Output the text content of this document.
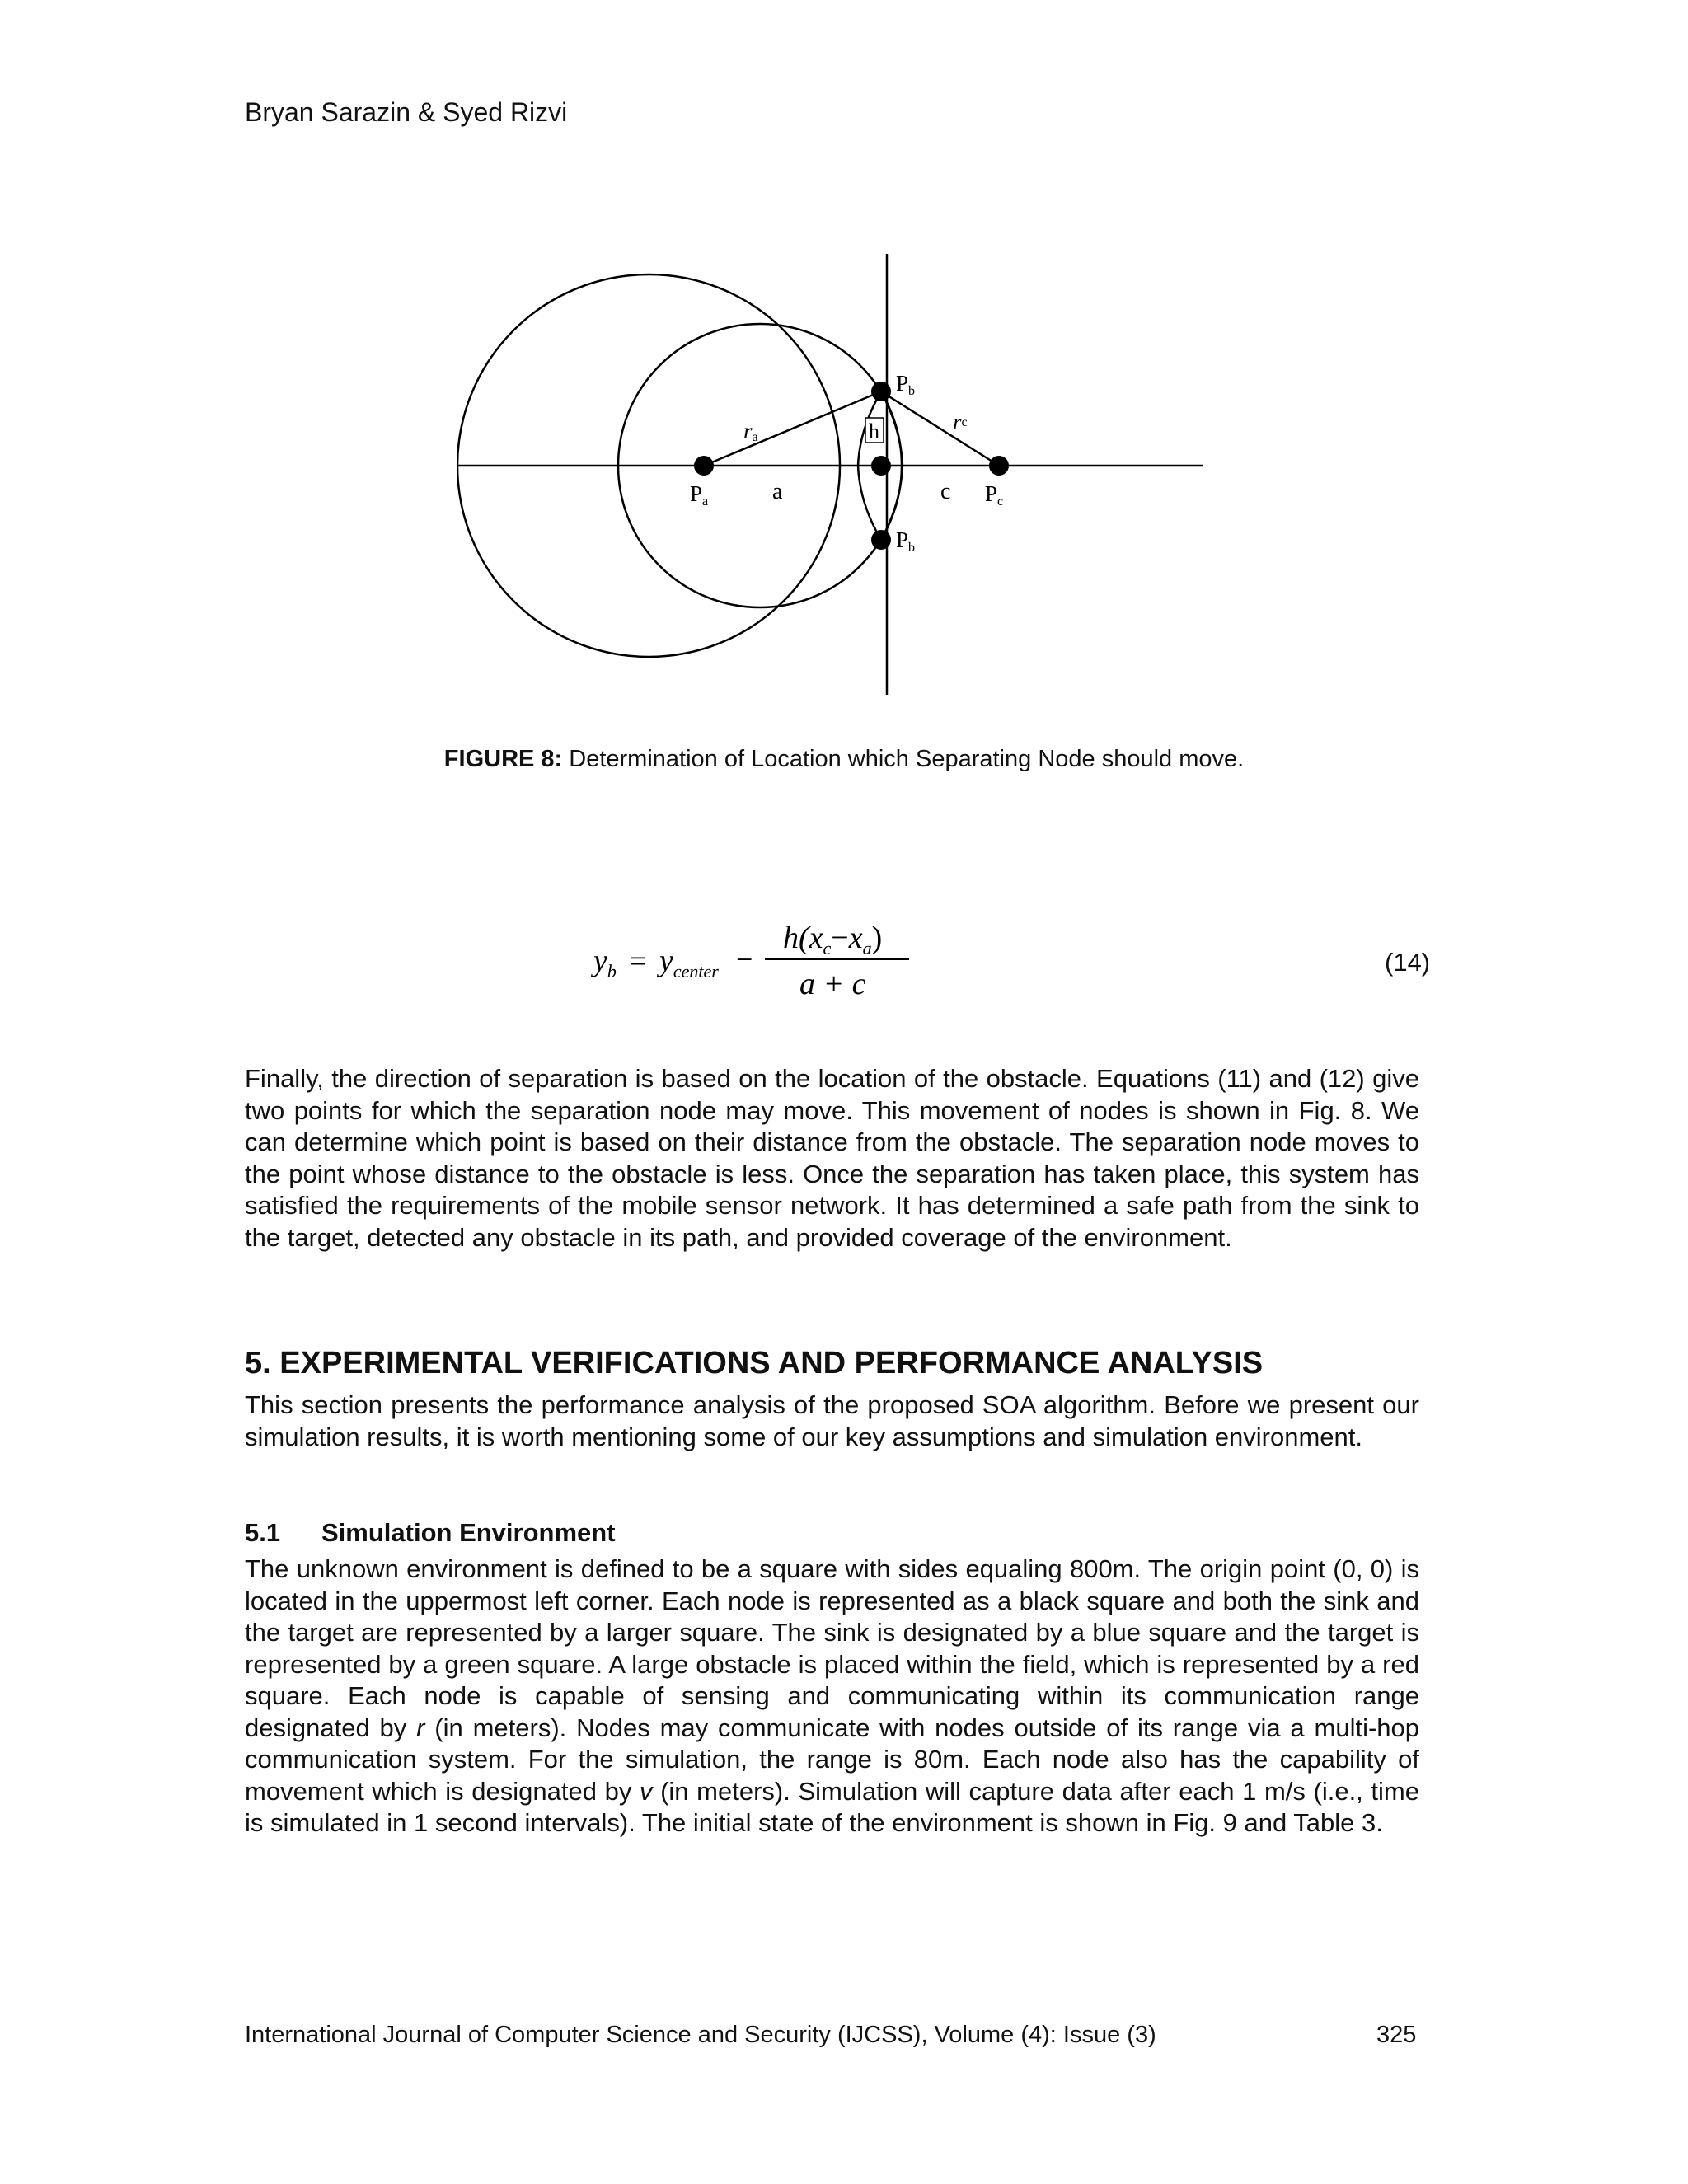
Bryan Sarazin & Syed Rizvi
Pa	a	c Pc
Pb
Pb
ra
rc
h
FIGURE 8: Determination of Location which Separating Node should move.
$y_b = y_{center}$ −
$h(x_c-x_a)$
a + c
(14)

Finally, the direction of separation is based on the location of the obstacle. Equations (11) and (12) give two points for which the separation node may move. This movement of nodes is shown in Fig. 8. We can determine which point is based on their distance from the obstacle. The separation node moves to the point whose distance to the obstacle is less. Once the separation has taken place, this system has satisfied the requirements of the mobile sensor network. It has determined a safe path from the sink to the target, detected any obstacle in its path, and provided coverage of the environment.

5. EXPERIMENTAL VERIFICATIONS AND PERFORMANCE ANALYSIS

This section presents the performance analysis of the proposed SOA algorithm. Before we present our simulation results, it is worth mentioning some of our key assumptions and simulation environment.

5.1 Simulation Environment

The unknown environment is defined to be a square with sides equaling 800m. The origin point (0, 0) is located in the uppermost left corner. Each node is represented as a black square and both the sink and the target are represented by a larger square. The sink is designated by a blue square and the target is represented by a green square. A large obstacle is placed within the field, which is represented by a red square. Each node is capable of sensing and communicating within its communication range designated by r (in meters). Nodes may communicate with nodes outside of its range via a multi-hop communication system. For the simulation, the range is 80m. Each node also has the capability of movement which is designated by v (in meters). Simulation will capture data after each 1 m/s (i.e., time is simulated in 1 second intervals). The initial state of the environment is shown in Fig. 9 and Table 3.

International Journal of Computer Science and Security (IJCSS), Volume (4): Issue (3)	325
